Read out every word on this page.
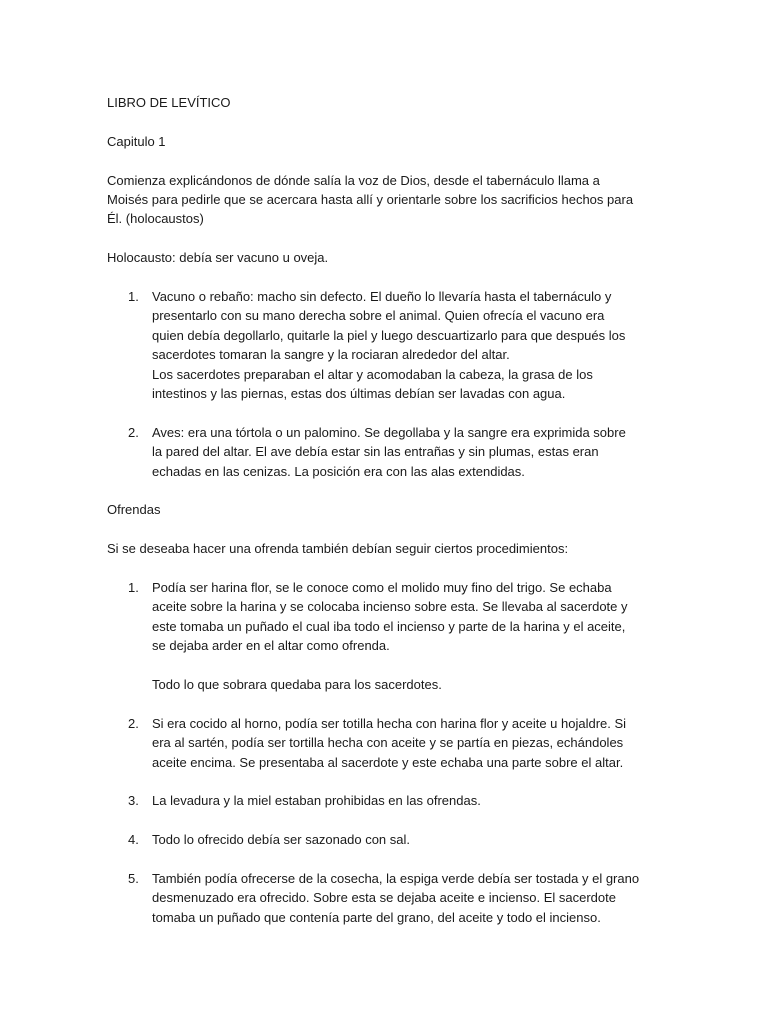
LIBRO DE LEVÍTICO

Capitulo 1

Comienza explicándonos de dónde salía la voz de Dios, desde el tabernáculo llama a
Moisés para pedirle que se acercara hasta allí y orientarle sobre los sacrificios hechos para
Él. (holocaustos)

Holocausto: debía ser vacuno u oveja.

1. Vacuno o rebaño: macho sin defecto. El dueño lo llevaría hasta el tabernáculo y
presentarlo con su mano derecha sobre el animal. Quien ofrecía el vacuno era
quien debía degollarlo, quitarle la piel y luego descuartizarlo para que después los
sacerdotes tomaran la sangre y la rociaran alrededor del altar.
Los sacerdotes preparaban el altar y acomodaban la cabeza, la grasa de los
intestinos y las piernas, estas dos últimas debían ser lavadas con agua.

2. Aves: era una tórtola o un palomino. Se degollaba y la sangre era exprimida sobre
la pared del altar. El ave debía estar sin las entrañas y sin plumas, estas eran
echadas en las cenizas. La posición era con las alas extendidas.

Ofrendas

Si se deseaba hacer una ofrenda también debían seguir ciertos procedimientos:

1. Podía ser harina flor, se le conoce como el molido muy fino del trigo. Se echaba
aceite sobre la harina y se colocaba incienso sobre esta. Se llevaba al sacerdote y
este tomaba un puñado el cual iba todo el incienso y parte de la harina y el aceite,
se dejaba arder en el altar como ofrenda.

Todo lo que sobrara quedaba para los sacerdotes.

2. Si era cocido al horno, podía ser totilla hecha con harina flor y aceite u hojaldre. Si
era al sartén, podía ser tortilla hecha con aceite y se partía en piezas, echándoles
aceite encima. Se presentaba al sacerdote y este echaba una parte sobre el altar.

3. La levadura y la miel estaban prohibidas en las ofrendas.

4. Todo lo ofrecido debía ser sazonado con sal.

5. También podía ofrecerse de la cosecha, la espiga verde debía ser tostada y el grano
desmenuzado era ofrecido. Sobre esta se dejaba aceite e incienso. El sacerdote
tomaba un puñado que contenía parte del grano, del aceite y todo el incienso.
